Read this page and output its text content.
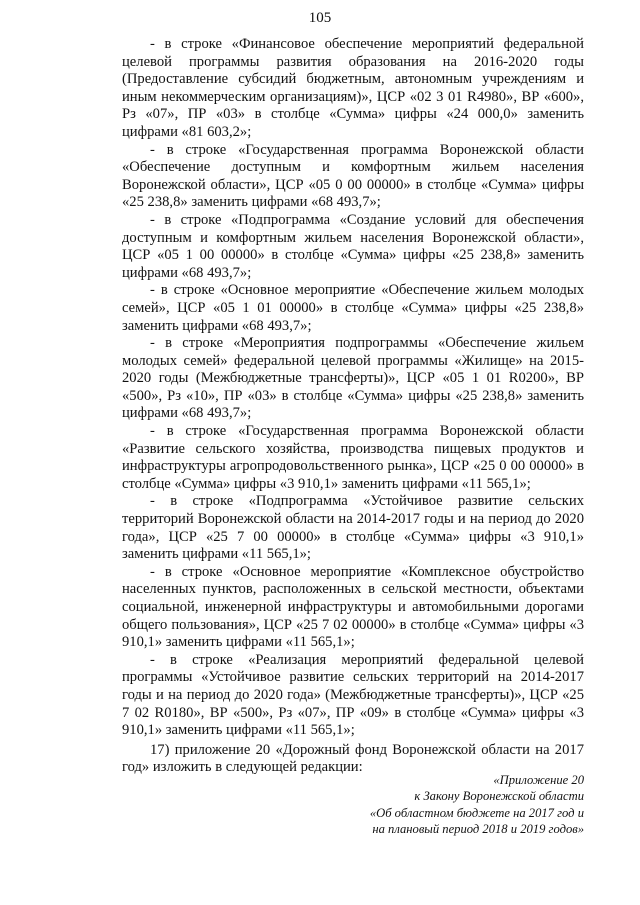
105

- в строке «Финансовое обеспечение мероприятий федеральной целевой программы развития образования на 2016-2020 годы (Предоставление субсидий бюджетным, автономным учреждениям и иным некоммерческим организациям)», ЦСР «02 3 01 R4980», ВР «600», Рз «07», ПР «03» в столбце «Сумма» цифры «24 000,0» заменить цифрами «81 603,2»;

- в строке «Государственная программа Воронежской области «Обеспечение доступным и комфортным жильем населения Воронежской области», ЦСР «05 0 00 00000» в столбце «Сумма» цифры «25 238,8» заменить цифрами «68 493,7»;

- в строке «Подпрограмма «Создание условий для обеспечения доступным и комфортным жильем населения Воронежской области», ЦСР «05 1 00 00000» в столбце «Сумма» цифры «25 238,8» заменить цифрами «68 493,7»;

- в строке «Основное мероприятие «Обеспечение жильем молодых семей», ЦСР «05 1 01 00000» в столбце «Сумма» цифры «25 238,8» заменить цифрами «68 493,7»;

- в строке «Мероприятия подпрограммы «Обеспечение жильем молодых семей» федеральной целевой программы «Жилище» на 2015-2020 годы (Межбюджетные трансферты)», ЦСР «05 1 01 R0200», ВР «500», Рз «10», ПР «03» в столбце «Сумма» цифры «25 238,8» заменить цифрами «68 493,7»;

- в строке «Государственная программа Воронежской области «Развитие сельского хозяйства, производства пищевых продуктов и инфраструктуры агропродовольственного рынка», ЦСР «25 0 00 00000» в столбце «Сумма» цифры «3 910,1» заменить цифрами «11 565,1»;

- в строке «Подпрограмма «Устойчивое развитие сельских территорий Воронежской области на 2014-2017 годы и на период до 2020 года», ЦСР «25 7 00 00000» в столбце «Сумма» цифры «3 910,1» заменить цифрами «11 565,1»;

- в строке «Основное мероприятие «Комплексное обустройство населенных пунктов, расположенных в сельской местности, объектами социальной, инженерной инфраструктуры и автомобильными дорогами общего пользования», ЦСР «25 7 02 00000» в столбце «Сумма» цифры «3 910,1» заменить цифрами «11 565,1»;

- в строке «Реализация мероприятий федеральной целевой программы «Устойчивое развитие сельских территорий на 2014-2017 годы и на период до 2020 года» (Межбюджетные трансферты)», ЦСР «25 7 02 R0180», ВР «500», Рз «07», ПР «09» в столбце «Сумма» цифры «3 910,1» заменить цифрами «11 565,1»;

17) приложение 20 «Дорожный фонд Воронежской области на 2017 год» изложить в следующей редакции:

«Приложение 20
к Закону Воронежской области
«Об областном бюджете на 2017 год и
на плановый период 2018 и 2019 годов»
